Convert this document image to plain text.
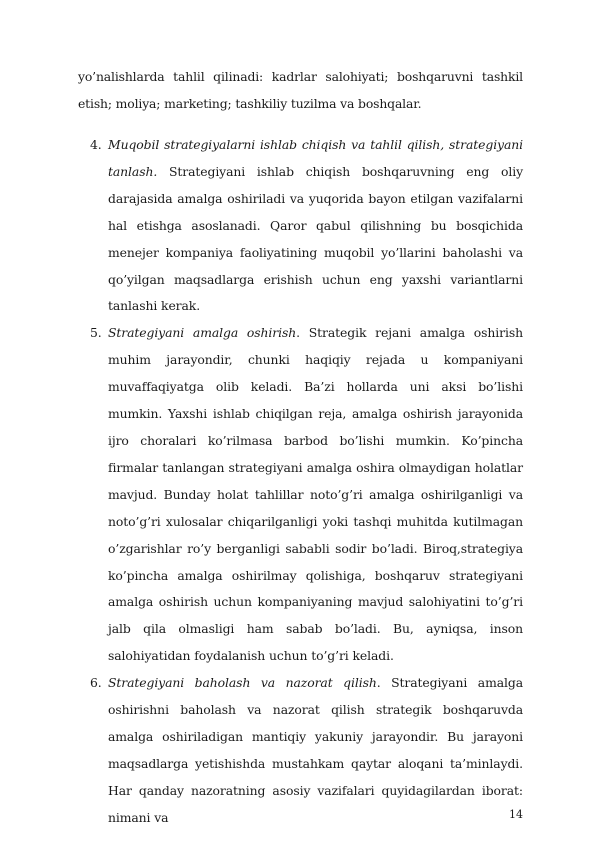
yo’nalishlarda tahlil qilinadi: kadrlar salohiyati; boshqaruvni tashkil etish; moliya; marketing; tashkiliy tuzilma va boshqalar.
4. Muqobil strategiyalarni ishlab chiqish va tahlil qilish, strategiyani tanlash. Strategiyani ishlab chiqish boshqaruvning eng oliy darajasida amalga oshiriladi va yuqorida bayon etilgan vazifalarni hal etishga asoslanadi. Qaror qabul qilishning bu bosqichida menejer kompaniya faoliyatining muqobil yo’llarini baholashi va qo’yilgan maqsadlarga erishish uchun eng yaxshi variantlarni tanlashi kerak.
5. Strategiyani amalga oshirish. Strategik rejani amalga oshirish muhim jarayondir, chunki haqiqiy rejada u kompaniyani muvaffaqiyatga olib keladi. Ba’zi hollarda uni aksi bo’lishi mumkin. Yaxshi ishlab chiqilgan reja, amalga oshirish jarayonida ijro choralari ko’rilmasa barbod bo’lishi mumkin. Ko’pincha firmalar tanlangan strategiyani amalga oshira olmaydigan holatlar mavjud. Bunday holat tahlillar noto’g’ri amalga oshirilganligi va noto’g’ri xulosalar chiqarilganligi yoki tashqi muhitda kutilmagan o’zgarishlar ro’y berganligi sababli sodir bo’ladi. Biroq,strategiya ko’pincha amalga oshirilmay qolishiga, boshqaruv strategiyani amalga oshirish uchun kompaniyaning mavjud salohiyatini to’g’ri jalb qila olmasligi ham sabab bo’ladi. Bu, ayniqsa, inson salohiyatidan foydalanish uchun to’g’ri keladi.
6. Strategiyani baholash va nazorat qilish. Strategiyani amalga oshirishni baholash va nazorat qilish strategik boshqaruvda amalga oshiriladigan mantiqiy yakuniy jarayondir. Bu jarayoni maqsadlarga yetishishda mustahkam qaytar aloqani ta’minlaydi. Har qanday nazoratning asosiy vazifalari quyidagilardan iborat: nimani va	14
